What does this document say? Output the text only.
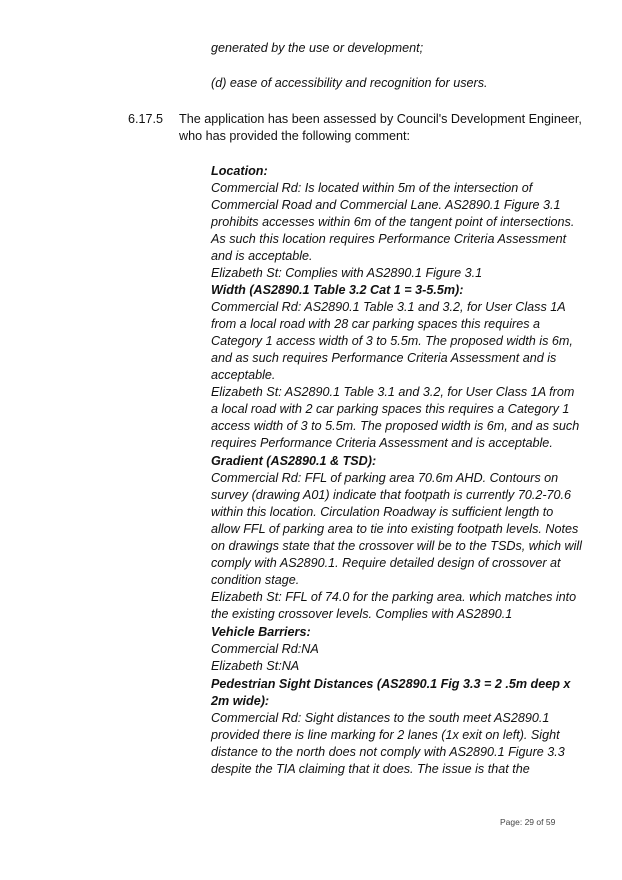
generated by the use or development;
(d) ease of accessibility and recognition for users.
6.17.5 The application has been assessed by Council's Development Engineer,
who has provided the following comment:
Location:
Commercial Rd: Is located within 5m of the intersection of
Commercial Road and Commercial Lane. AS2890.1 Figure 3.1
prohibits accesses within 6m of the tangent point of intersections.
As such this location requires Performance Criteria Assessment
and is acceptable.
Elizabeth St: Complies with AS2890.1 Figure 3.1
Width (AS2890.1 Table 3.2 Cat 1 = 3-5.5m):
Commercial Rd: AS2890.1 Table 3.1 and 3.2, for User Class 1A
from a local road with 28 car parking spaces this requires a
Category 1 access width of 3 to 5.5m. The proposed width is 6m,
and as such requires Performance Criteria Assessment and is
acceptable.
Elizabeth St: AS2890.1 Table 3.1 and 3.2, for User Class 1A from
a local road with 2 car parking spaces this requires a Category 1
access width of 3 to 5.5m. The proposed width is 6m, and as such
requires Performance Criteria Assessment and is acceptable.
Gradient (AS2890.1 & TSD):
Commercial Rd: FFL of parking area 70.6m AHD. Contours on
survey (drawing A01) indicate that footpath is currently 70.2-70.6
within this location. Circulation Roadway is sufficient length to
allow FFL of parking area to tie into existing footpath levels. Notes
on drawings state that the crossover will be to the TSDs, which will
comply with AS2890.1. Require detailed design of crossover at
condition stage.
Elizabeth St: FFL of 74.0 for the parking area. which matches into
the existing crossover levels. Complies with AS2890.1
Vehicle Barriers:
Commercial Rd:NA
Elizabeth St:NA
Pedestrian Sight Distances (AS2890.1 Fig 3.3 = 2 .5m deep x
2m wide):
Commercial Rd: Sight distances to the south meet AS2890.1
provided there is line marking for 2 lanes (1x exit on left). Sight
distance to the north does not comply with AS2890.1 Figure 3.3
despite the TIA claiming that it does. The issue is that the
Page: 29 of 59
